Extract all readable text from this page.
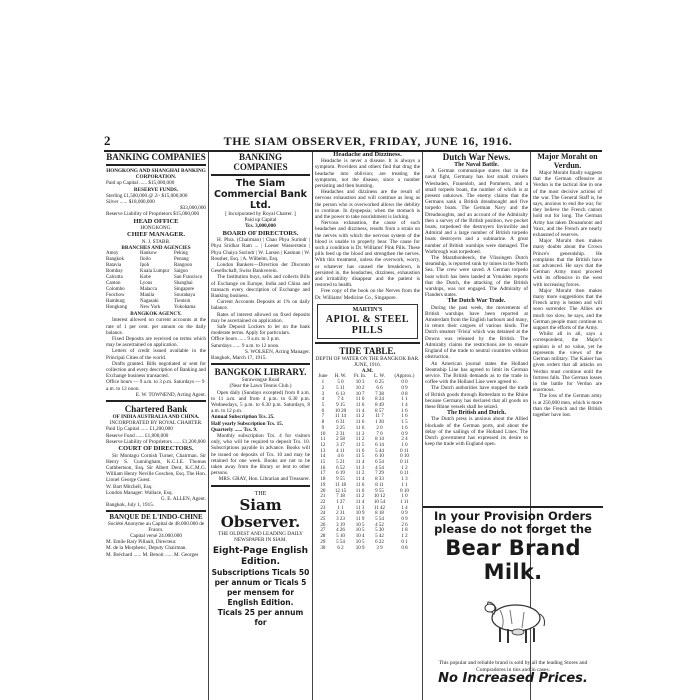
2	THE SIAM OBSERVER, FRIDAY, JUNE 16, 1916.
BANKING COMPANIES
HONGKONG AND SHANGHAI BANKING CORPORATION.
Paid up Capital ...... $15,000,000
RESERVE FUNDS.
Sterling £1,500,000 @ 2/- $15,000,000
Silver ...... $18,000,000
$33,000,000
Reserve Liability of Proprietors $15,000,000
HEAD OFFICE
HONGKONG.
CHIEF MANAGER.
N. J. STABB.
BRANCHES AND AGENCIES
Amoy	Hankow	Peking
Bangkok	Iloilo	Penang
Batavia	Ipoh	Rangoon
Bombay	Kuala Lumpur Saigon
Calcutta	Kobe	San Francisco
Canton	Lyons	Shanghai
Colombo	Malacca	Singapore
Foochow	Manila	Sourabaya
Hamburg	Nagasaki	Tientsin
Hongkong	New York	Yokohama
BANGKOK AGENCY.

Interest allowed on current accounts at the rate of 1 per cent. per annum on the daily balance.

Fixed Deposits are received on terms which may be ascertained on application.

Letters of credit issued available in the Principal Cities of the world.

Drafts granted. Bills negotiated or sent for collection and every description of Banking and Exchange business transacted.

Office hours — 9 a.m. to 3 p.m. Saturdays — 9 a.m. to 12 noon.
E. W. TOWNEND, Acting Agent.
Chartered Bank
OF INDIA AUSTRALIA AND CHINA.
INCORPORATED BY ROYAL CHARTER.
Paid Up Capital ...... £1,200,000
Reserve Fund ...... £1,800,000
Reserve Liability of Proprietors ...... £1,200,000
COURT OF DIRECTORS.

Sir Montagu Cornish Turner, Chairman. Sir Henry S. Cunningham, K.C.I.E. Thomas Cuthbertson, Esq. Sir Albert Dent, K.C.M.G. William Henry Neville Goschen, Esq. The Hon. Lionel George Guest.

W. Bart Mitchell, Esq.
London Manager: Wallace, Esq.
G. E. ALLEN, Agent.
Bangkok, July 1, 1915.
BANQUE DE L'INDO-CHINE
Société Anonyme au Capital de 48.000.000 de Francs.
Capital versé 24.000.000
M. Emile Rary Pillault, Directeur.
M. de la Morphenc, Deputy Chairman.
M. Bréchard ...... M. Benoit ...... M. Georges
BANKING COMPANIES
The Siam Commercial Bank Ltd.
[ Incorporated by Royal Charter. ]
Paid up Capital
Tcs. 3,000,000
BOARD OF DIRECTORS.

H. Phra. (Chairman) | Chao Phya Surindr | Phya Sridhar Ram ... | Loeser Wasserstein | Phya Chaiya Surindr | W. Larsen | Kasman | W. Rossher, Esq. | A. Wilhelm, Esq.

London Bankers—Direction der Disconto Gesellschaft, Swiss Bankverein.

The Institution buys, sells and collects Bills of Exchange on Europe, India and China and transacts every description of Exchange and Banking business.

Current Accounts Deposits at 1% on daily balance.

Rates of interest allowed on fixed deposits may be ascertained on application.

Safe Deposit Lockers to let on the bank moderate terms. Apply for particulars.

Office hours ...... 9 a.m. to 3 p.m.
Saturdays ...... 9 a.m. to 12 noon.
S. WOLKEN, Acting Manager.
Bangkok, March 17, 1915.
BANGKOK LIBRARY.
Surawongse Road
(Near the Lawn Tennis Club.)

Open daily (Sundays excepted) from 8 a.m. to 11 a.m. and from 4 p.m. to 6.30 p.m. Wednesdays, 5 p.m. to 6.30 p.m. Saturdays, 8 a.m. to 12 p.m.

Annual Subscription Tcs. 25.
Half yearly Subscription Tcs. 15.
Quarterly ...... Tcs. 9.

Monthly subscription Tcs. 4 for visitors only, who will be required to deposit Tcs. 10. Subscriptions payable in advance. Books will be issued on deposits of Tcs. 10 and may be retained for one week. Books are not to be taken away from the library or lent to other persons.

MRS. GRAY, Hon. Librarian and Treasurer.
THE
Siam Observer.
THE OLDEST AND LEADING DAILY NEWSPAPER IN SIAM.
Eight-Page English Edition.
Subscriptions Ticals 50
per annum or Ticals 5
per mensem for
English Edition.
Ticals 25 per annum for
Headache and Dizziness.

Headache is never a disease. It is always a symptom. Providers and others find that drug the headache into oblivion; are treating the symptoms, not the disease, since a number persisting and then bursting.

Headaches and dizziness are the result of nervous exhaustion and will continue as long as the person who is overworked allows the debility to continue. In dyspepsia; when the stomach is and the power to take nourishment is lacking.

Nervous exhaustion, the cause of such headaches and dizziness, results from a strain on the nerves with which the nervous system of the blood is unable to properly bear. The cause for such a condition is Dr. Williams' Pink Pills. These pills feed up the blood and strengthen the nerves. With this treatment, unless the overwork, worry, or whatever has caused the breakdown, is persisted in, the headaches, dizziness, exhaustion and irritability disappear and the patient is restored to health.

Free copy of the book on the Nerves from the Dr. Williams' Medicine Co., Singapore.

MARTIN'S
APIOL & STEEL PILLS
TIDE TABLE.
DEPTH OF WATER ON THE BANGKOK BAR.
JUNE, 1916.
A.M.
June	H. W.	Ft. In.	L. W.	(Approx.)
1	5 0	10 3	6 25	0 0
2	5 11	10 2	6 6	0 9
3	6 13	10 7	7 38	0 8
4	7 4	11 6	8 24	1 1
5	9 15	11 6	8 49	1 4
6	10 20	11 4	8 57	1 6
7	11 14	11 2	11 7	1 6
8	6 31	11 6	1 30	1 5
9	2 25	11 6	2 0	1 6
10	2 31	11 3	7 0	0 9
11	2 58	11 2	8 14	2 4
12	3 17	11 5	6 14	1 0
13	4 11	11 6	5 44	0 11
14	4 6	11 5	6 10	0 10
15	5 21	11 4	6 54	0 11
16	6 52	11 3	4 54	1 2
17	6 19	11 2	7 29	0 11
18	9 55	11 4	8 33	1 3
19	11 18	11 6	8 11	1 1
20	12 15	11 6	9 55	0 10
21	7 18	11 2	10 12	1 0
22	1 27	11 4	10 54	1 11
23	1 1	11 3	11 42	1 4
24	2 31	10 9	8 18	0 9
25	3 23	11 9	5 54	0 9
26	3 19	10 5	4 52	2 6
27	4 26	10 5	5 30	1 8
28	5 10	10 4	5 42	1 2
29	5 54	10 5	6 22	0 1
30	6 2	10 9	3 9	0 8
Dutch War News.
The Naval Battle.

A German communique states that in the naval fight, Germany has lost small cruisers Wiesbaden, Frauenlob, and Pommern, and a small torpedo boats, the number of which is at present unknown. The enemy claims that the Germans sank a British dreadnought and five torpedo boats. The German Navy and the Dreadnoughts, and an account of the Admiralty then a survey of the British position, two pocket boats, torpedoed the destroyers Invincible and Admiral and a large number of British torpedo boats destroyers and a submarine. A great number of British warships were damaged. The Warbrough was torpedoed.

The Marathonbeeck, the Vlissingen Dutch steamship, is reported sunk by mines in the North Sea. The crew were saved. A German torpedo boat which has been landed at Ymuiden reports that the Dutch, the attacking of the British warships, was not engaged. The Admiralty of Flanders states.

The Dutch War Trade.

During the past week, the movements of British warships have been reported at Amsterdam from the English harbours and many, in return their cargoes of various kinds. The Dutch steamer 'Frisia' which was detained at the Downs was released by the British. The Admiralty claims the restrictions are to ensure England of the trade to neutral countries without obstruction.

An American journal states the Holland Steamship Line has agreed to limit its German service. The British demands as to the trade in coffee with the Holland Line were agreed to.

The Dutch authorities have stopped the trade of British goods through Rotterdam to the Rhine because Germany has declared that all goods on these Rhine vessels shall be seized.

The British and Dutch.

The Dutch press is anxious about the Allied blockade of the German ports, and about the delay of the sailings of the Holland Lines. The Dutch government has expressed its desire to keep the trade with England open.

Major Moraht on Verdun.

Major Moraht finally suggests that the German offensive at Verdun is the tactical line in one of the most decisive actions of the war. The General Staff is, he says, anxious to end the war, for they believe the French cannot hold out for long. The German Army has taken Douaumont and Vaux, and the French are nearly exhausted of reserves.

Major Moraht then makes many doubts about the Crown Prince's generalship. He complains that the British have not advanced. He says that the German Army must proceed with its offensive in the west with increasing forces.

Major Moraht then makes many more suggestions that the French army is beaten and will soon surrender. The Allies are much too slow, he says, and the German people must continue to support the efforts of the Army.

Whilst all in all, says a correspondent, the Major's opinion is of no value, yet he represents the views of the German military. The Kaiser has given orders that all attacks on Verdun must continue until the fortress falls. The German losses in the battle for Verdun are enormous.

The loss of the German army is at 250,000 men, which is more than the French and the British together have lost.

In your Provision Orders please do not forget the
Bear Brand Milk.
This popular and reliable brand is sold by all the leading Stores and Compradores in tins and in cases.
No Increased Prices.
